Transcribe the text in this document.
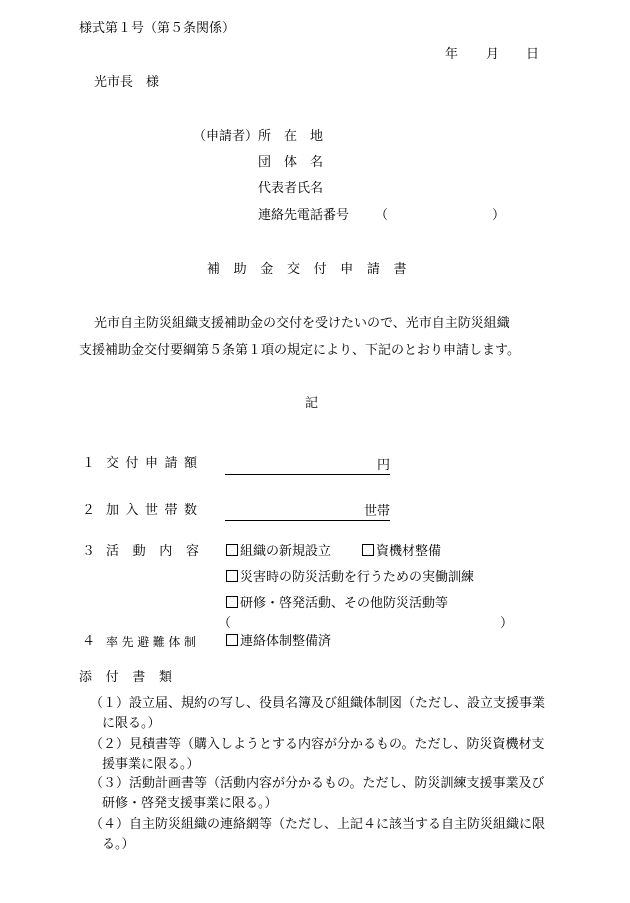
様式第１号（第５条関係）
年 月 日
光市長　様
（申請者） 所　在　地
団　体　名
代表者氏名
連絡先電話番号 （	）
補助金交付申請書
光市自主防災組織支援補助金の交付を受けたいので、光市自主防災組織
支援補助金交付要綱第５条第１項の規定により、下記のとおり申請します。
記
１ 交付申請額	円
２ 加入世帯数	世帯
３ 活動内容	組織の新規設立	資機材整備
災害時の防災活動を行うための実働訓練
研修・啓発活動、その他防災活動等
（	）
４ 率先避難体制	連絡体制整備済
添付書類
（１） 設立届、規約の写し、役員名簿及び組織体制図（ただし、設立支援事業
に限る。）
（２） 見積書等（購入しようとする内容が分かるもの。ただし、防災資機材支
援事業に限る。）
（３） 活動計画書等（活動内容が分かるもの。ただし、防災訓練支援事業及び
研修・啓発支援事業に限る。）
（４） 自主防災組織の連絡網等（ただし、上記４に該当する自主防災組織に限
る。）
